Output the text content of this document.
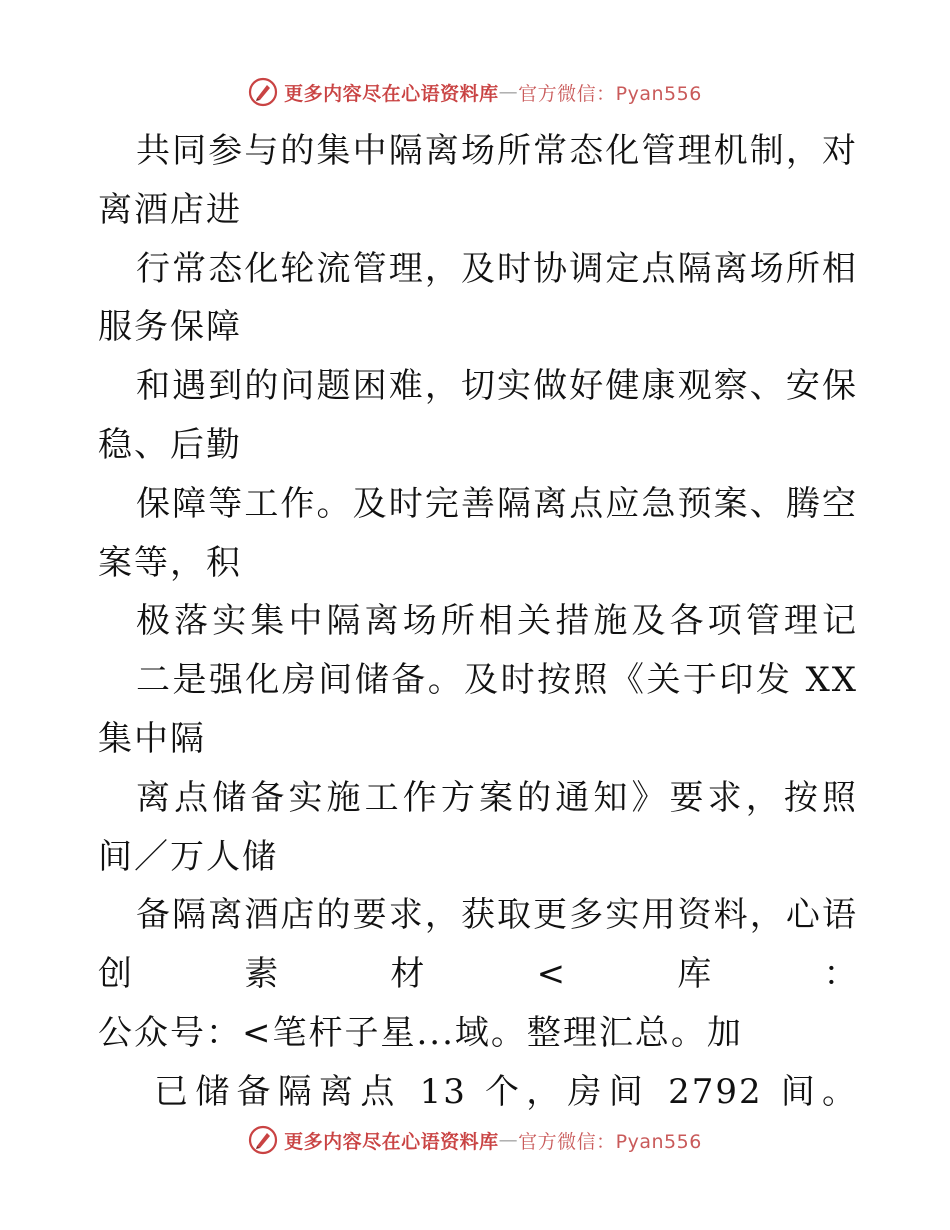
更多内容尽在心语资料库 — 官方微信：Pyan556
共同参与的集中隔离场所常态化管理机制，对
离酒店进
行常态化轮流管理，及时协调定点隔离场所相
服务保障
和遇到的问题困难，切实做好健康观察、安保
稳、后勤
保障等工作。及时完善隔离点应急预案、腾空
案等，积
极落实集中隔离场所相关措施及各项管理记
二是强化房间储备。及时按照《关于印发 XX
集中隔
离点储备实施工作方案的通知》要求，按照
间／万人储
备隔离酒店的要求，获取更多实用资料，心语
创素材<库：
公众号：<笔杆子星...域。整理汇总。加
已储备隔离点 13 个，房间 2792 间。
更多内容尽在心语资料库 — 官方微信：Pyan556
